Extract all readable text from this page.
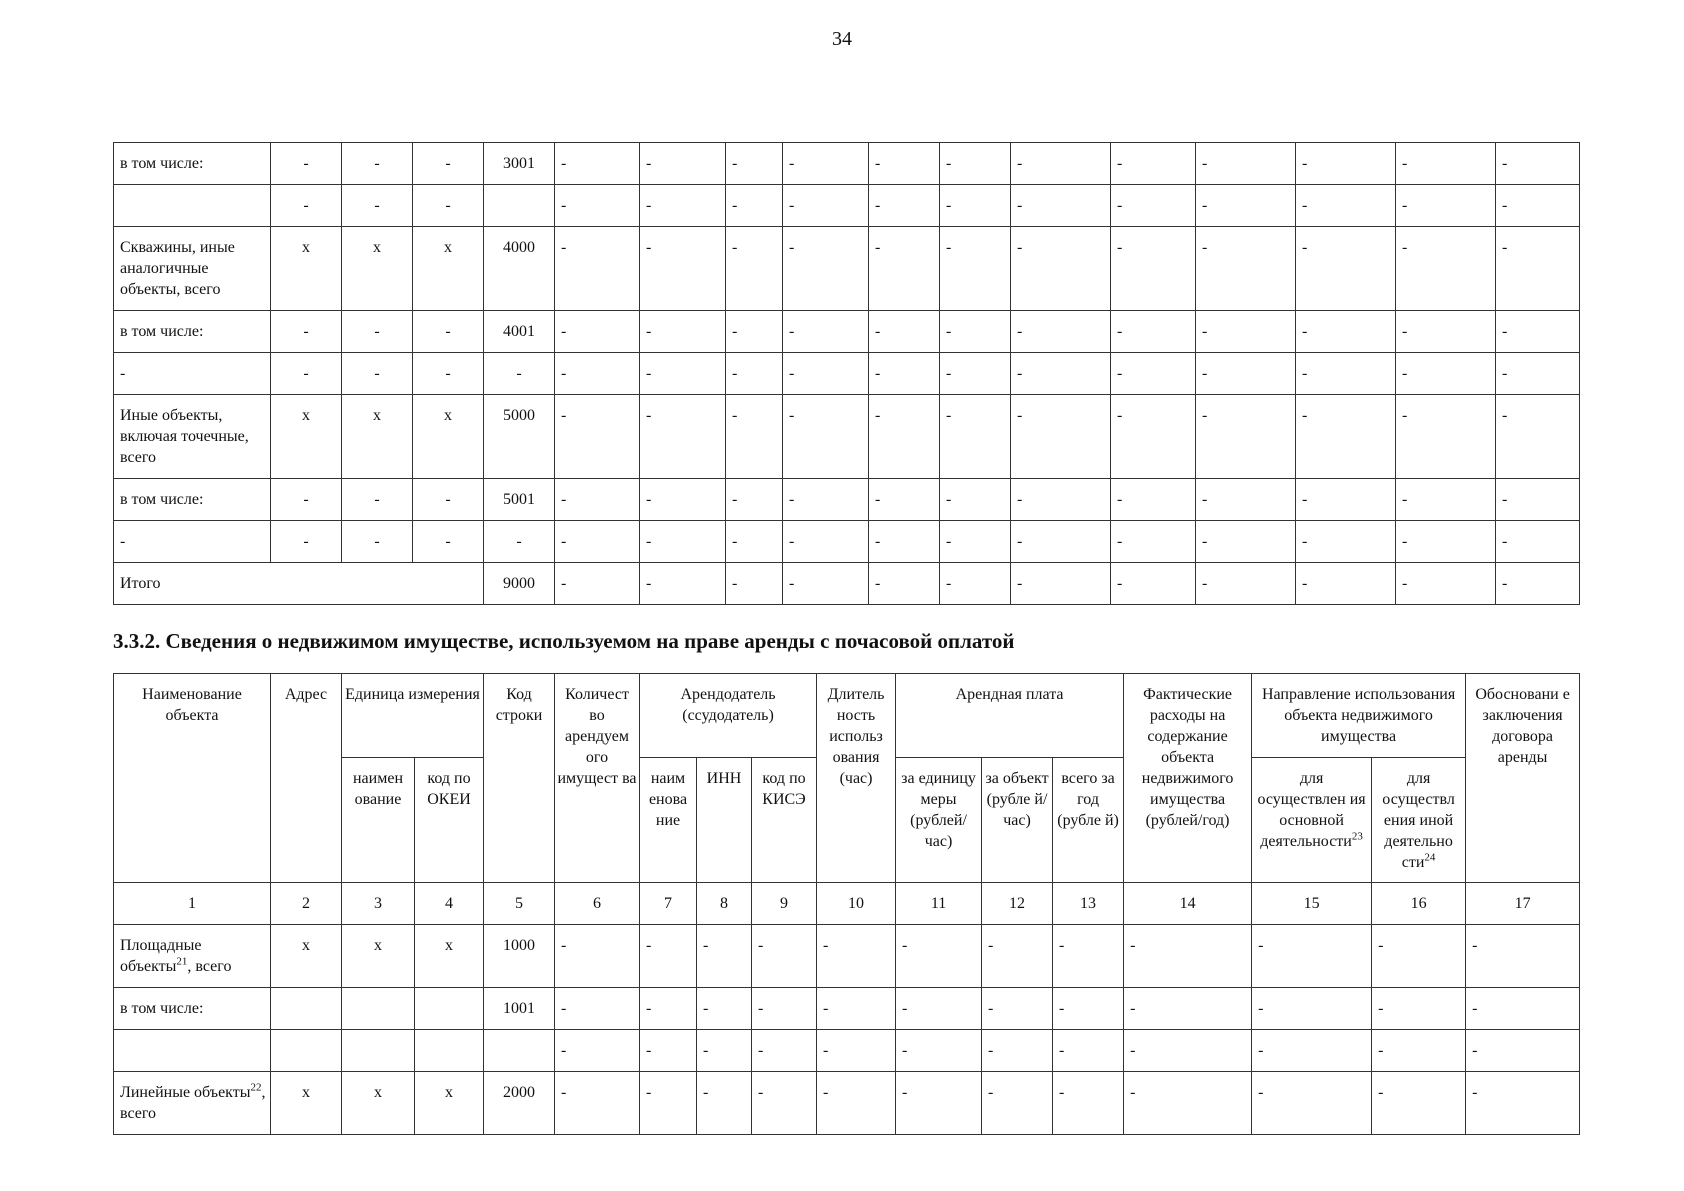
34
в том числе:	-	-	-	3001	-	-	-	-	-	-	-	-	-	-	-	-
	-	-	-		-	-	-	-	-	-	-	-	-	-	-	-
Скважины, иные аналогичные объекты, всего	x	x	x	4000	-	-	-	-	-	-	-	-	-	-	-	-
в том числе:	-	-	-	4001	-	-	-	-	-	-	-	-	-	-	-	-
-	-	-	-	-	-	-	-	-	-	-	-	-	-	-	-	-
Иные объекты, включая точечные, всего	x	x	x	5000	-	-	-	-	-	-	-	-	-	-	-	-
в том числе:	-	-	-	5001	-	-	-	-	-	-	-	-	-	-	-	-
-	-	-	-	-	-	-	-	-	-	-	-	-	-	-	-	-
Итого				9000	-	-	-	-	-	-	-	-	-	-	-	-
3.3.2. Сведения о недвижимом имуществе, используемом на праве аренды с почасовой оплатой
Наименование объекта	Адрес	Единица измерения		Код строки	Количест во арендуем ого имущест ва	Арендодатель (ссудодатель)			Длитель ность использ ования (час)	Арендная плата			Фактические расходы на содержание объекта недвижимого имущества (рублей/год)	Направление использования объекта недвижимого имущества		Обосновани е заключения договора аренды
		наимен ование	код по ОКЕИ			наим енова ние	ИНН	код по КИСЭ		за единицу меры (рублей/ час)	за объект (рубле й/час)	всего за год (рубле й)		для осуществлен ия основной деятельности$^{23}$	для осуществл ения иной деятельно сти$^{24}$
1	2	3	4	5	6	7	8	9	10	11	12	13	14	15	16	17
Площадные объекты$^{21}$, всего	x	x	x	1000	-	-	-	-	-	-	-	-	-	-	-	-
в том числе:				1001	-	-	-	-	-	-	-	-	-	-	-	-
					-	-	-	-	-	-	-	-	-	-	-	-
Линейные объекты$^{22}$, всего	x	x	x	2000	-	-	-	-	-	-	-	-	-	-	-	-
